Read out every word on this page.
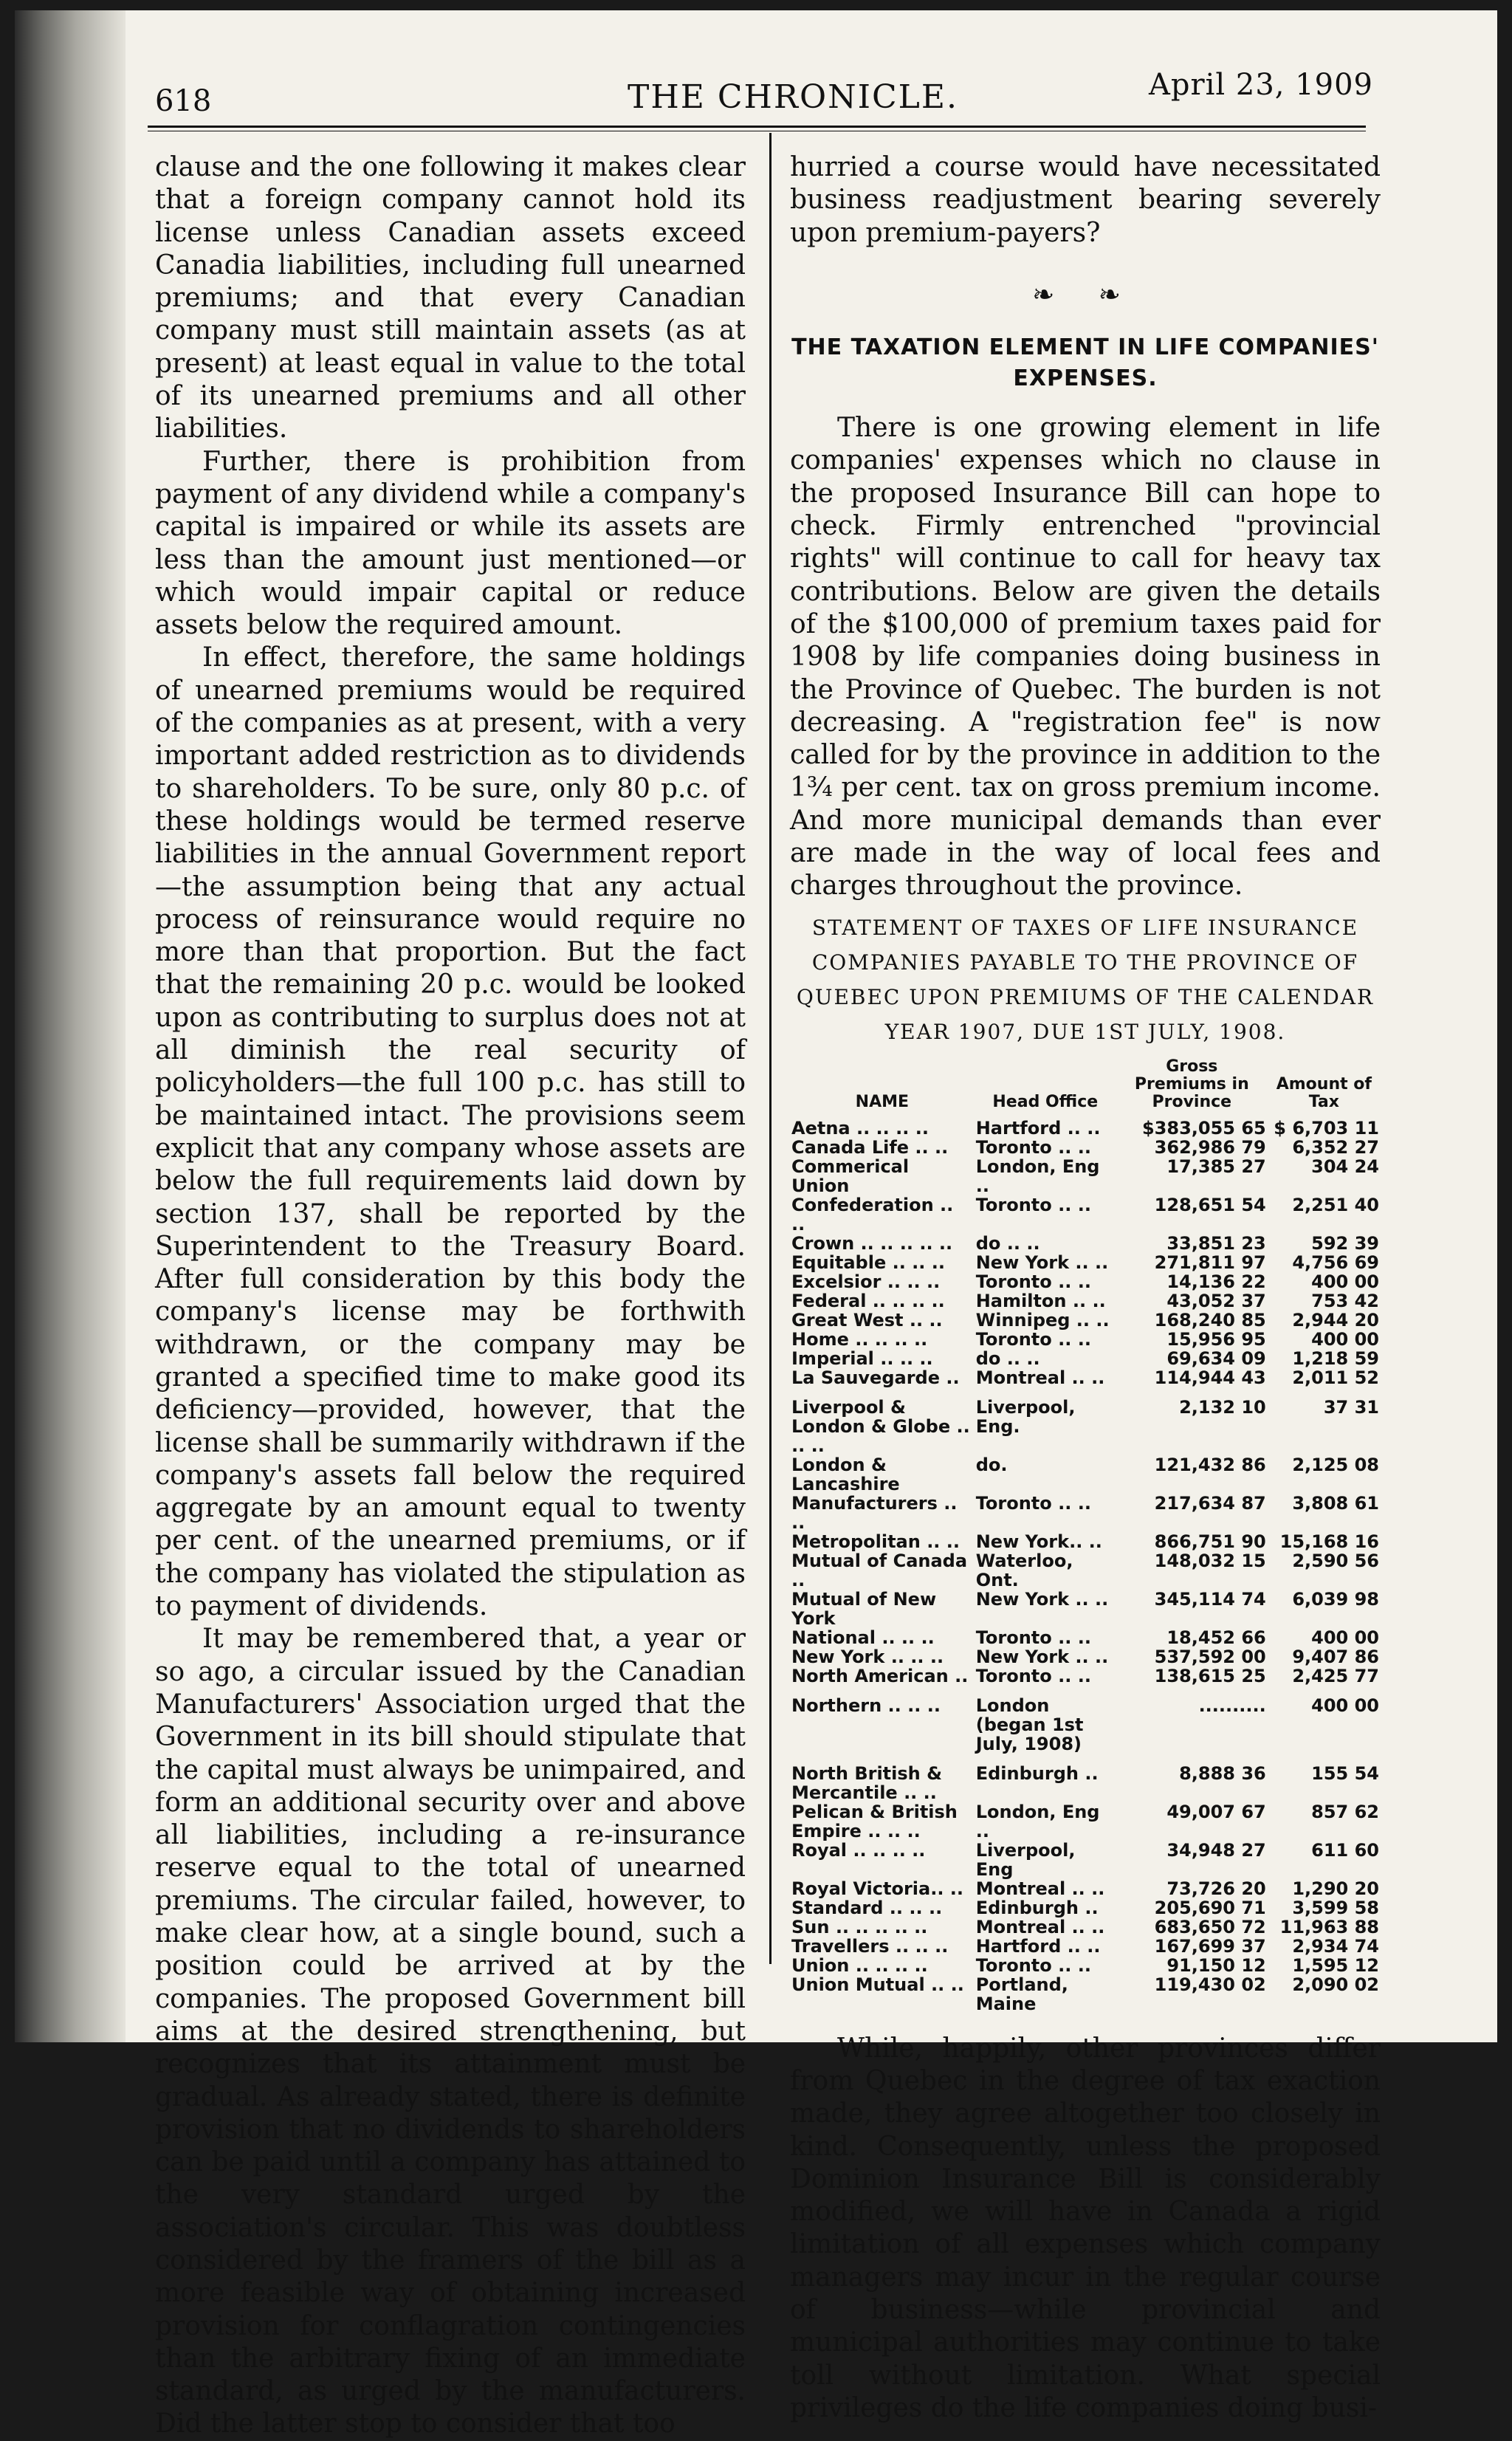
618	THE CHRONICLE.	April 23, 1909

clause and the one following it makes clear that a foreign company cannot hold its license unless Canadian assets exceed Canadia liabilities, including full unearned premiums; and that every Canadian company must still maintain assets (as at present) at least equal in value to the total of its unearned premiums and all other liabilities.

Further, there is prohibition from payment of any dividend while a company's capital is impaired or while its assets are less than the amount just mentioned—or which would impair capital or reduce assets below the required amount.

In effect, therefore, the same holdings of unearned premiums would be required of the companies as at present, with a very important added restriction as to dividends to shareholders. To be sure, only 80 p.c. of these holdings would be termed reserve liabilities in the annual Government report —the assumption being that any actual process of reinsurance would require no more than that proportion. But the fact that the remaining 20 p.c. would be looked upon as contributing to surplus does not at all diminish the real security of policyholders—the full 100 p.c. has still to be maintained intact. The provisions seem explicit that any company whose assets are below the full requirements laid down by section 137, shall be reported by the Superintendent to the Treasury Board. After full consideration by this body the company's license may be forthwith withdrawn, or the company may be granted a specified time to make good its deficiency—provided, however, that the license shall be summarily withdrawn if the company's assets fall below the required aggregate by an amount equal to twenty per cent. of the unearned premiums, or if the company has violated the stipulation as to payment of dividends.

It may be remembered that, a year or so ago, a circular issued by the Canadian Manufacturers' Association urged that the Government in its bill should stipulate that the capital must always be unimpaired, and form an additional security over and above all liabilities, including a re-insurance reserve equal to the total of unearned premiums. The circular failed, however, to make clear how, at a single bound, such a position could be arrived at by the companies. The proposed Government bill aims at the desired strengthening, but recognizes that its attainment must be gradual. As already stated, there is definite provision that no dividends to shareholders can be paid until a company has attained to the very standard urged by the association's circular. This was doubtless considered by the framers of the bill as a more feasible way of obtaining increased provision for conflagration contingencies than the arbitrary fixing of an immediate standard, as urged by the manufacturers. Did the latter stop to consider that too

hurried a course would have necessitated business readjustment bearing severely upon premium-payers?

❧ ❧
THE TAXATION ELEMENT IN LIFE COMPANIES' EXPENSES.

There is one growing element in life companies' expenses which no clause in the proposed Insurance Bill can hope to check. Firmly entrenched "provincial rights" will continue to call for heavy tax contributions. Below are given the details of the $100,000 of premium taxes paid for 1908 by life companies doing business in the Province of Quebec. The burden is not decreasing. A "registration fee" is now called for by the province in addition to the 1¾ per cent. tax on gross premium income. And more municipal demands than ever are made in the way of local fees and charges throughout the province.

STATEMENT OF TAXES OF LIFE INSURANCE COMPANIES PAYABLE TO THE PROVINCE OF QUEBEC UPON PREMIUMS OF THE CALENDAR YEAR 1907, DUE 1ST JULY, 1908.
NAME	Head Office	Gross Premiums in Province	Amount of Tax
Aetna .. .. .. ..	Hartford .. ..	$383,055 65	$ 6,703 11
Canada Life .. ..	Toronto .. ..	362,986 79	6,352 27
Commerical Union	London, Eng ..	17,385 27	304 24
Confederation .. ..	Toronto .. ..	128,651 54	2,251 40
Crown .. .. .. .. ..	do .. ..	33,851 23	592 39
Equitable .. .. ..	New York .. ..	271,811 97	4,756 69
Excelsior .. .. ..	Toronto .. ..	14,136 22	400 00
Federal .. .. .. ..	Hamilton .. ..	43,052 37	753 42
Great West .. ..	Winnipeg .. ..	168,240 85	2,944 20
Home .. .. .. ..	Toronto .. ..	15,956 95	400 00
Imperial .. .. ..	do .. ..	69,634 09	1,218 59
La Sauvegarde ..	Montreal .. ..	114,944 43	2,011 52
Liverpool & London & Globe .. .. ..	Liverpool, Eng.	2,132 10	37 31
London & Lancashire	do.	121,432 86	2,125 08
Manufacturers .. ..	Toronto .. ..	217,634 87	3,808 61
Metropolitan .. ..	New York.. ..	866,751 90	15,168 16
Mutual of Canada ..	Waterloo, Ont.	148,032 15	2,590 56
Mutual of New York	New York .. ..	345,114 74	6,039 98
National .. .. ..	Toronto .. ..	18,452 66	400 00
New York .. .. ..	New York .. ..	537,592 00	9,407 86
North American ..	Toronto .. ..	138,615 25	2,425 77
Northern .. .. ..	London (began 1st July, 1908)	..........	400 00
North British & Mercantile .. ..	Edinburgh ..	8,888 36	155 54
Pelican & British Empire .. .. ..	London, Eng ..	49,007 67	857 62
Royal .. .. .. ..	Liverpool, Eng	34,948 27	611 60
Royal Victoria.. ..	Montreal .. ..	73,726 20	1,290 20
Standard .. .. ..	Edinburgh ..	205,690 71	3,599 58
Sun .. .. .. .. ..	Montreal .. ..	683,650 72	11,963 88
Travellers .. .. ..	Hartford .. ..	167,699 37	2,934 74
Union .. .. .. ..	Toronto .. ..	91,150 12	1,595 12
Union Mutual .. ..	Portland, Maine	119,430 02	2,090 02

While, happily, other provinces differ from Quebec in the degree of tax exaction made, they agree altogether too closely in kind. Consequently, unless the proposed Dominion Insurance Bill is considerably modified, we will have in Canada a rigid limitation of all expenses which company managers may incur in the regular course of business—while provincial and municipal authorities may continue to take toll without limitation. What special privileges do the life companies doing busi-
